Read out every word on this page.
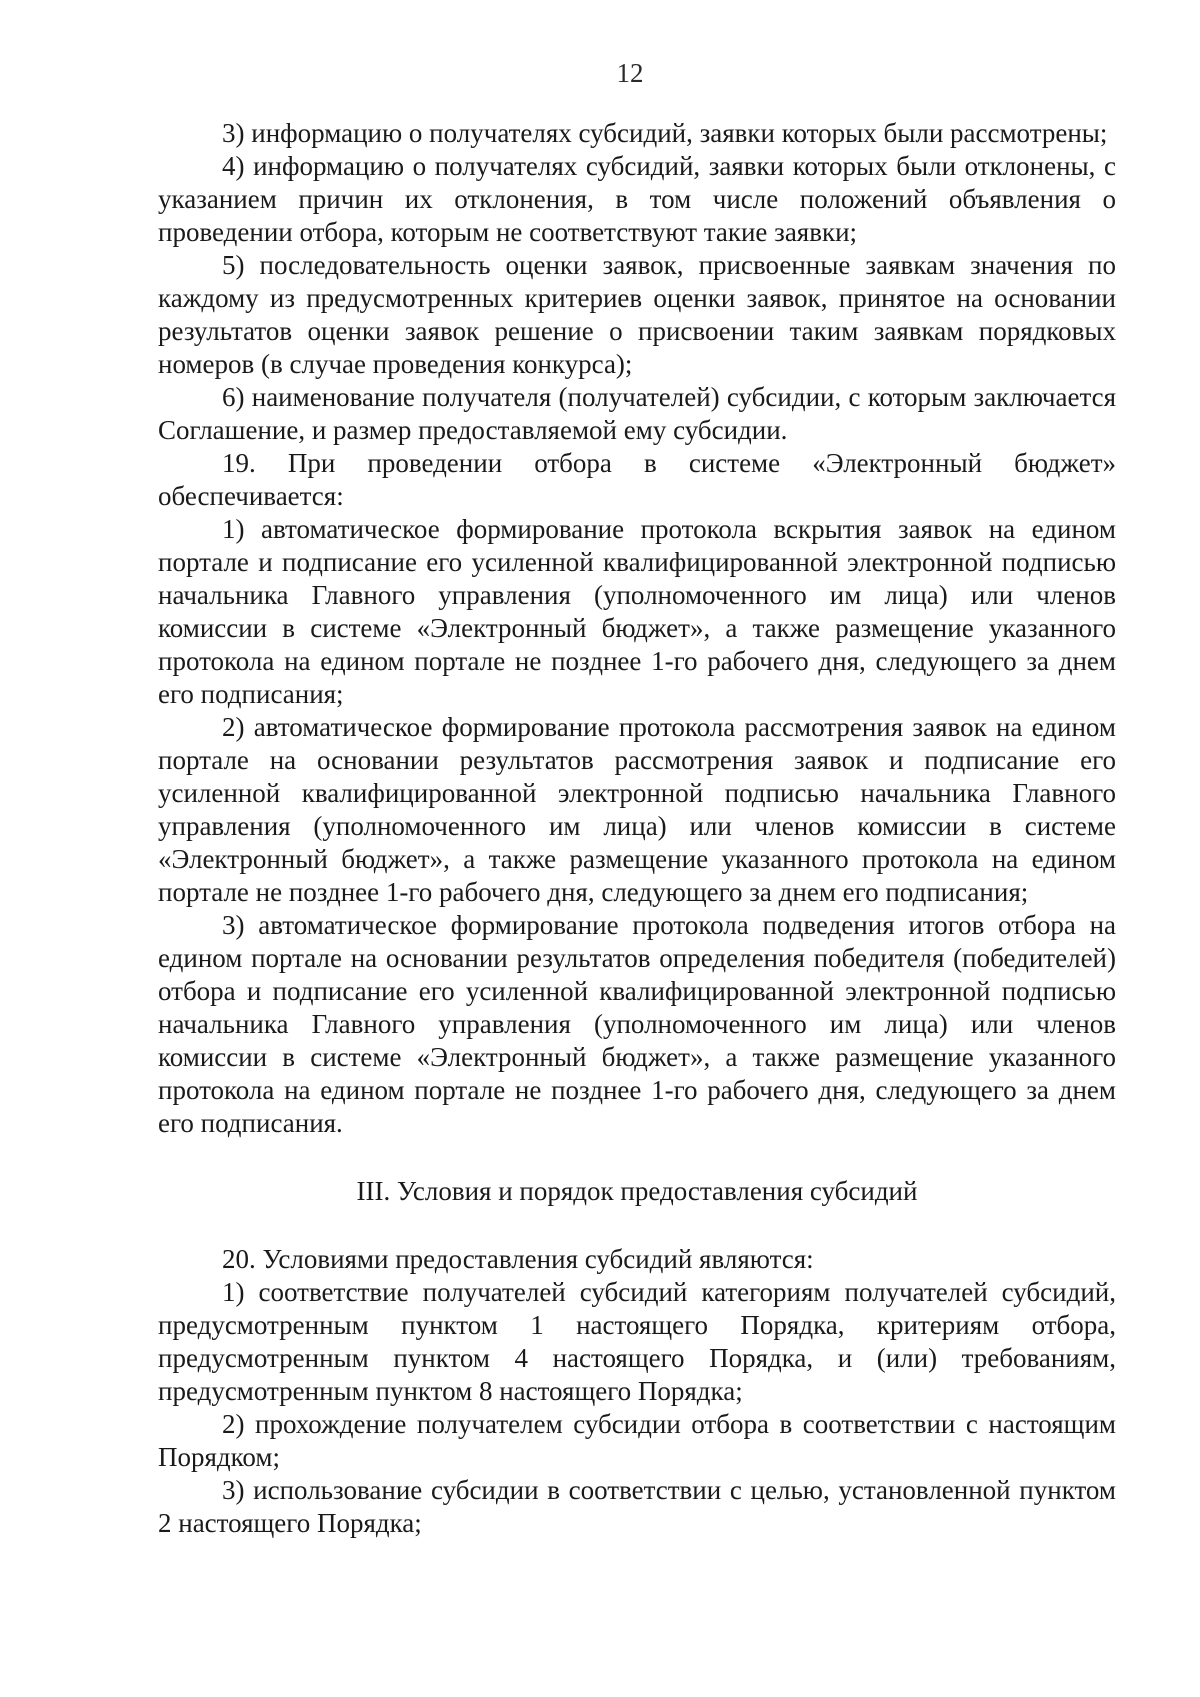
12

3) информацию о получателях субсидий, заявки которых были рассмотрены;

4) информацию о получателях субсидий, заявки которых были отклонены, с указанием причин их отклонения, в том числе положений объявления о проведении отбора, которым не соответствуют такие заявки;

5) последовательность оценки заявок, присвоенные заявкам значения по каждому из предусмотренных критериев оценки заявок, принятое на основании результатов оценки заявок решение о присвоении таким заявкам порядковых номеров (в случае проведения конкурса);

6) наименование получателя (получателей) субсидии, с которым заключается Соглашение, и размер предоставляемой ему субсидии.

19. При проведении отбора в системе «Электронный бюджет» обеспечивается:

1) автоматическое формирование протокола вскрытия заявок на едином портале и подписание его усиленной квалифицированной электронной подписью начальника Главного управления (уполномоченного им лица) или членов комиссии в системе «Электронный бюджет», а также размещение указанного протокола на едином портале не позднее 1-го рабочего дня, следующего за днем его подписания;

2) автоматическое формирование протокола рассмотрения заявок на едином портале на основании результатов рассмотрения заявок и подписание его усиленной квалифицированной электронной подписью начальника Главного управления (уполномоченного им лица) или членов комиссии в системе «Электронный бюджет», а также размещение указанного протокола на едином портале не позднее 1-го рабочего дня, следующего за днем его подписания;

3) автоматическое формирование протокола подведения итогов отбора на едином портале на основании результатов определения победителя (победителей) отбора и подписание его усиленной квалифицированной электронной подписью начальника Главного управления (уполномоченного им лица) или членов комиссии в системе «Электронный бюджет», а также размещение указанного протокола на едином портале не позднее 1-го рабочего дня, следующего за днем его подписания.

III. Условия и порядок предоставления субсидий

20. Условиями предоставления субсидий являются:

1) соответствие получателей субсидий категориям получателей субсидий, предусмотренным пунктом 1 настоящего Порядка, критериям отбора, предусмотренным пунктом 4 настоящего Порядка, и (или) требованиям, предусмотренным пунктом 8 настоящего Порядка;

2) прохождение получателем субсидии отбора в соответствии с настоящим Порядком;

3) использование субсидии в соответствии с целью, установленной пунктом 2 настоящего Порядка;
